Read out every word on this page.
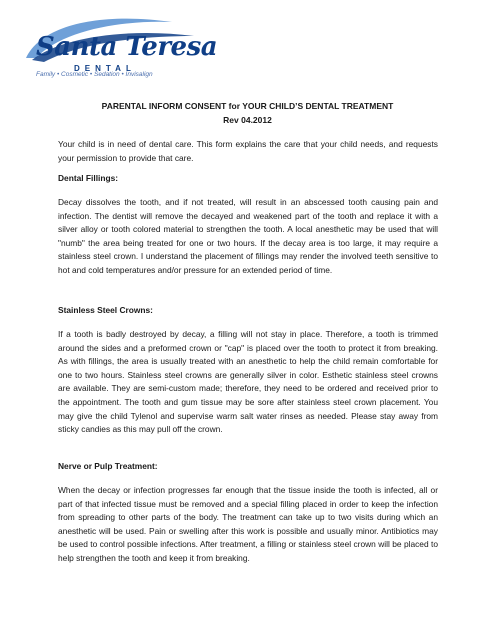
Santa Teresa
DENTAL
Family • Cosmetic • Sedation • Invisalign
PARENTAL INFORM CONSENT for YOUR CHILD’S DENTAL TREATMENT
Rev 04.2012
Your child is in need of dental care. This form explains the care that your child needs, and requests your permission to provide that care.
Dental Fillings:
Decay dissolves the tooth, and if not treated, will result in an abscessed tooth causing pain and infection. The dentist will remove the decayed and weakened part of the tooth and replace it with a silver alloy or tooth colored material to strengthen the tooth. A local anesthetic may be used that will "numb" the area being treated for one or two hours. If the decay area is too large, it may require a stainless steel crown. I understand the placement of fillings may render the involved teeth sensitive to hot and cold temperatures and/or pressure for an extended period of time.
Stainless Steel Crowns:
If a tooth is badly destroyed by decay, a filling will not stay in place. Therefore, a tooth is trimmed around the sides and a preformed crown or "cap" is placed over the tooth to protect it from breaking. As with fillings, the area is usually treated with an anesthetic to help the child remain comfortable for one to two hours. Stainless steel crowns are generally silver in color. Esthetic stainless steel crowns are available. They are semi-custom made; therefore, they need to be ordered and received prior to the appointment. The tooth and gum tissue may be sore after stainless steel crown placement. You may give the child Tylenol and supervise warm salt water rinses as needed. Please stay away from sticky candies as this may pull off the crown.
Nerve or Pulp Treatment:
When the decay or infection progresses far enough that the tissue inside the tooth is infected, all or part of that infected tissue must be removed and a special filling placed in order to keep the infection from spreading to other parts of the body. The treatment can take up to two visits during which an anesthetic will be used. Pain or swelling after this work is possible and usually minor. Antibiotics may be used to control possible infections. After treatment, a filling or stainless steel crown will be placed to help strengthen the tooth and keep it from breaking.
